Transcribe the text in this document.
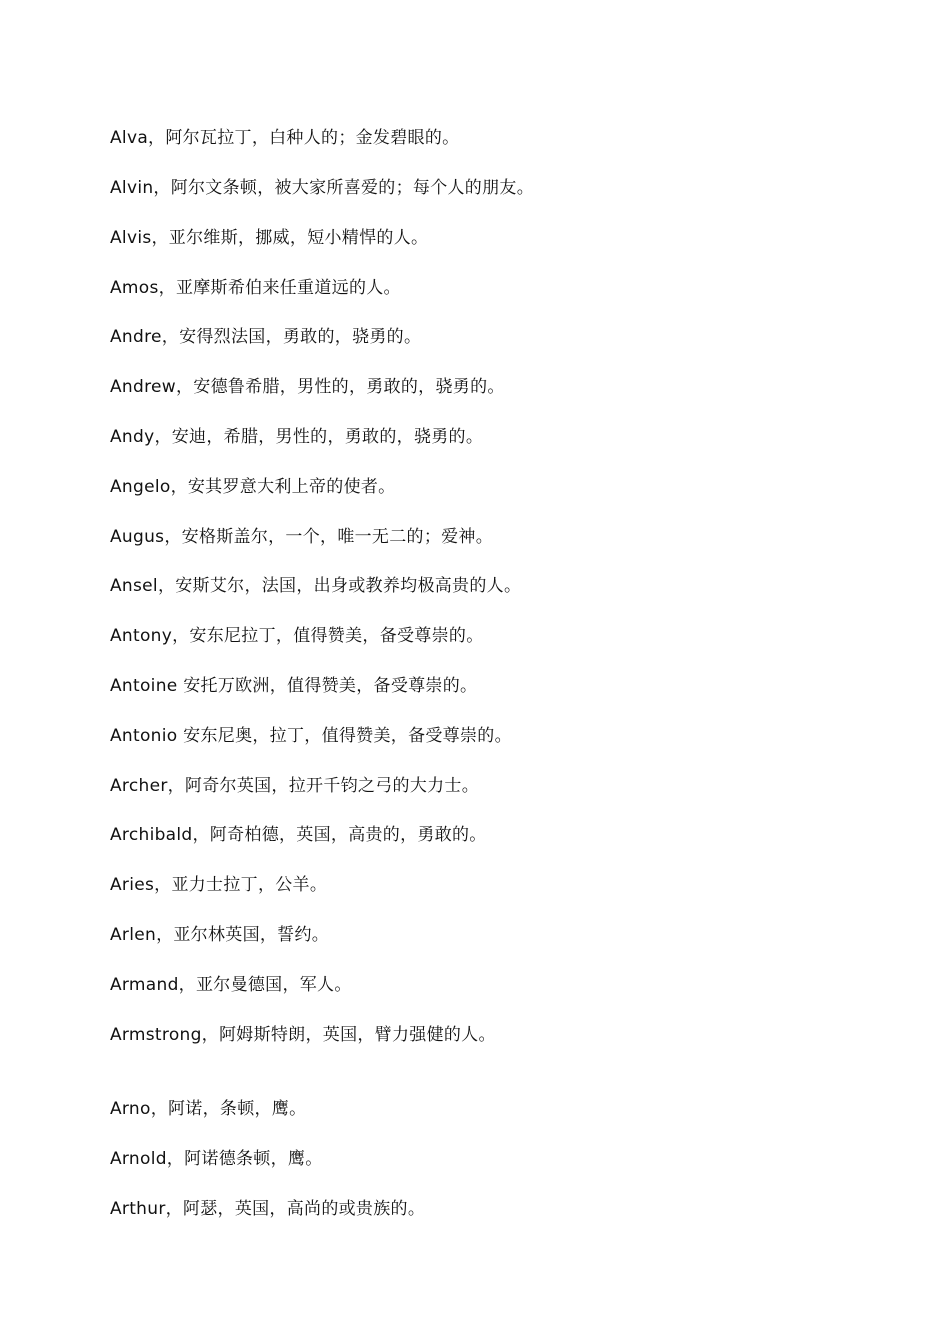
Alva，阿尔瓦拉丁，白种人的；金发碧眼的。

Alvin，阿尔文条顿，被大家所喜爱的；每个人的朋友。

Alvis，亚尔维斯，挪威，短小精悍的人。

Amos，亚摩斯希伯来任重道远的人。

Andre，安得烈法国，勇敢的，骁勇的。

Andrew，安德鲁希腊，男性的，勇敢的，骁勇的。

Andy，安迪，希腊，男性的，勇敢的，骁勇的。

Angelo，安其罗意大利上帝的使者。

Augus，安格斯盖尔，一个，唯一无二的；爱神。

Ansel，安斯艾尔，法国，出身或教养均极高贵的人。

Antony，安东尼拉丁，值得赞美，备受尊崇的。

Antoine 安托万欧洲，值得赞美，备受尊崇的。

Antonio 安东尼奥，拉丁，值得赞美，备受尊崇的。

Archer，阿奇尔英国，拉开千钧之弓的大力士。

Archibald，阿奇柏德，英国，高贵的，勇敢的。

Aries，亚力士拉丁，公羊。

Arlen，亚尔林英国，誓约。

Armand，亚尔曼德国，军人。

Armstrong，阿姆斯特朗，英国，臂力强健的人。

Arno，阿诺，条顿，鹰。

Arnold，阿诺德条顿，鹰。

Arthur，阿瑟，英国，高尚的或贵族的。
